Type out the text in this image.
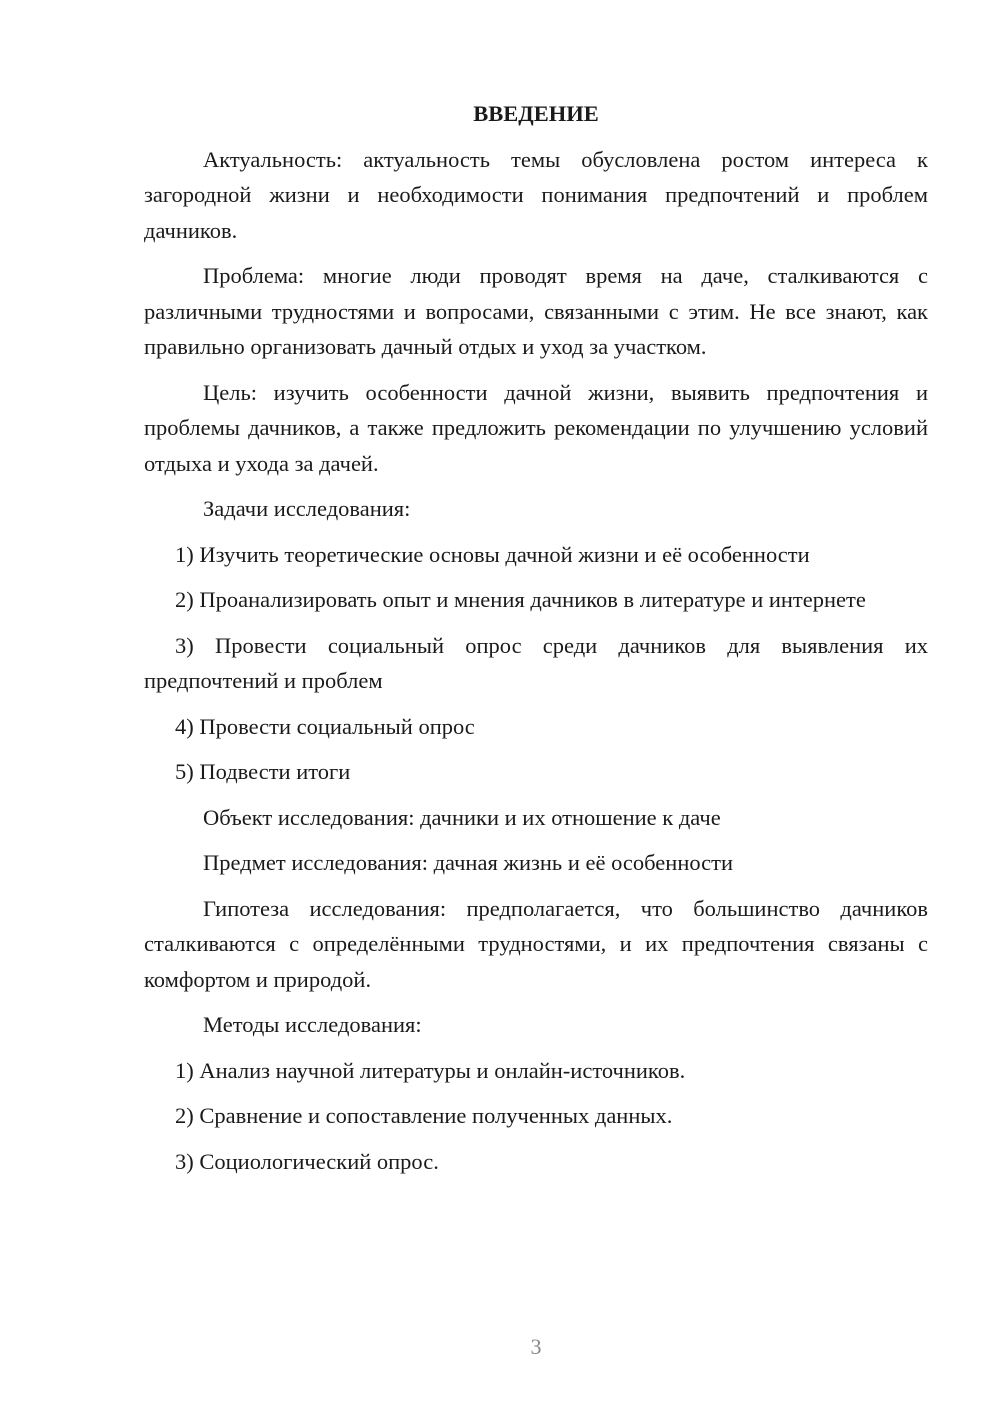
ВВЕДЕНИЕ

Актуальность: актуальность темы обусловлена ростом интереса к загородной жизни и необходимости понимания предпочтений и проблем дачников.

Проблема: многие люди проводят время на даче, сталкиваются с различными трудностями и вопросами, связанными с этим. Не все знают, как правильно организовать дачный отдых и уход за участком.

Цель: изучить особенности дачной жизни, выявить предпочтения и проблемы дачников, а также предложить рекомендации по улучшению условий отдыха и ухода за дачей.

Задачи исследования:

1) Изучить теоретические основы дачной жизни и её особенности

2) Проанализировать опыт и мнения дачников в литературе и интернете

3) Провести социальный опрос среди дачников для выявления их предпочтений и проблем

4) Провести социальный опрос

5) Подвести итоги

Объект исследования: дачники и их отношение к даче

Предмет исследования: дачная жизнь и её особенности

Гипотеза исследования: предполагается, что большинство дачников сталкиваются с определёнными трудностями, и их предпочтения связаны с комфортом и природой.

Методы исследования:

1) Анализ научной литературы и онлайн-источников.

2) Сравнение и сопоставление полученных данных.

3) Социологический опрос.

3
